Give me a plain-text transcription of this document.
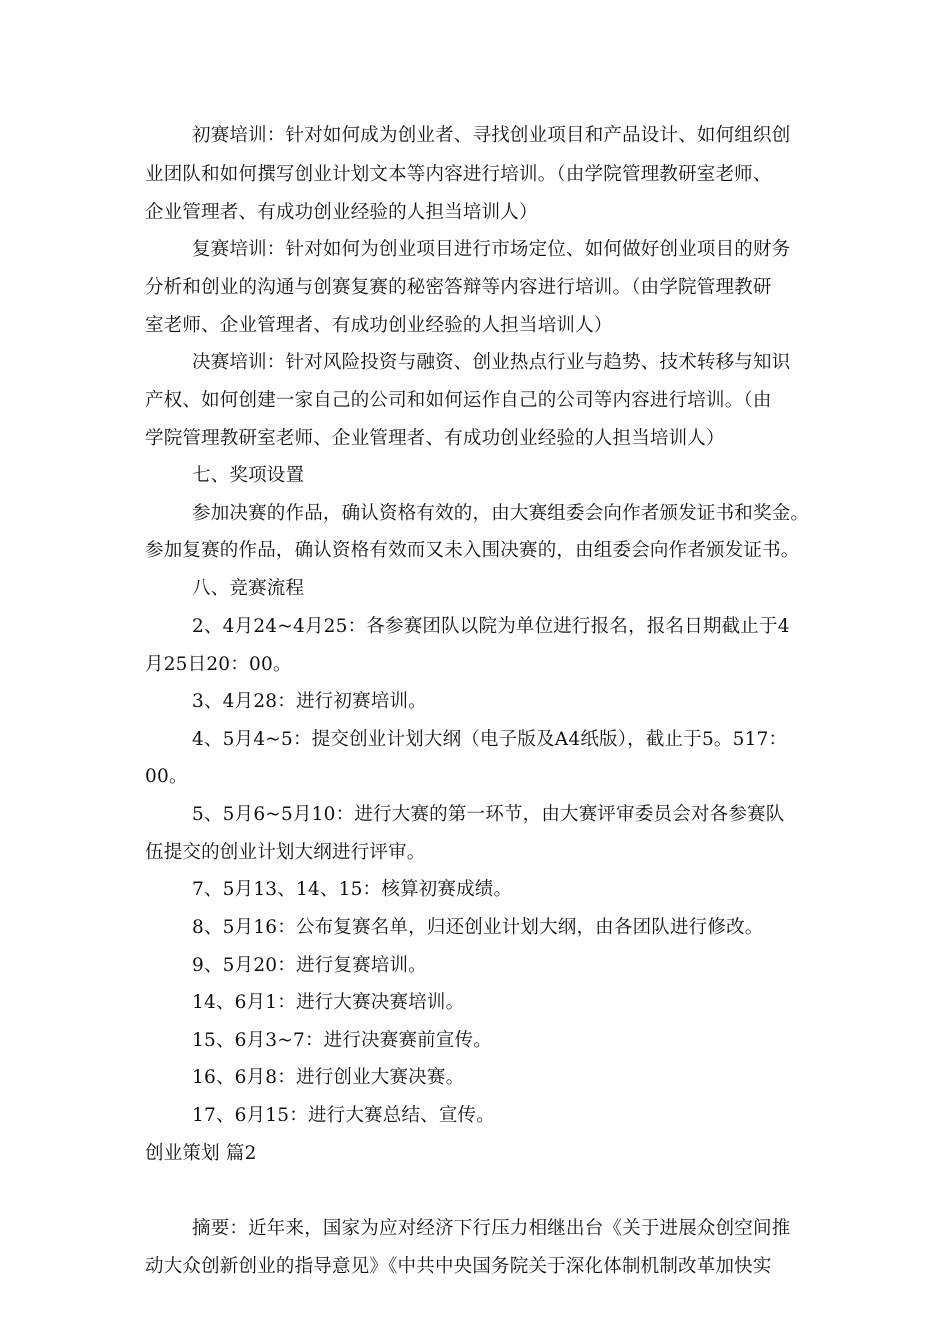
初赛培训：针对如何成为创业者、寻找创业项目和产品设计、如何组织创
业团队和如何撰写创业计划文本等内容进行培训。（由学院管理教研室老师、
企业管理者、有成功创业经验的人担当培训人）
复赛培训：针对如何为创业项目进行市场定位、如何做好创业项目的财务
分析和创业的沟通与创赛复赛的秘密答辩等内容进行培训。（由学院管理教研
室老师、企业管理者、有成功创业经验的人担当培训人）
决赛培训：针对风险投资与融资、创业热点行业与趋势、技术转移与知识
产权、如何创建一家自己的公司和如何运作自己的公司等内容进行培训。（由
学院管理教研室老师、企业管理者、有成功创业经验的人担当培训人）
七、奖项设置
参加决赛的作品，确认资格有效的，由大赛组委会向作者颁发证书和奖金。
参加复赛的作品，确认资格有效而又未入围决赛的，由组委会向作者颁发证书。
八、竞赛流程
2、4月24~4月25：各参赛团队以院为单位进行报名，报名日期截止于4
月25日20：00。
3、4月28：进行初赛培训。
4、5月4~5：提交创业计划大纲（电子版及A4纸版），截止于5。517：
00。
5、5月6~5月10：进行大赛的第一环节，由大赛评审委员会对各参赛队
伍提交的创业计划大纲进行评审。
7、5月13、14、15：核算初赛成绩。
8、5月16：公布复赛名单，归还创业计划大纲，由各团队进行修改。
9、5月20：进行复赛培训。
14、6月1：进行大赛决赛培训。
15、6月3~7：进行决赛赛前宣传。
16、6月8：进行创业大赛决赛。
17、6月15：进行大赛总结、宣传。
创业策划 篇2
摘要：近年来，国家为应对经济下行压力相继出台《关于进展众创空间推
动大众创新创业的指导意见》《中共中央国务院关于深化体制机制改革加快实
